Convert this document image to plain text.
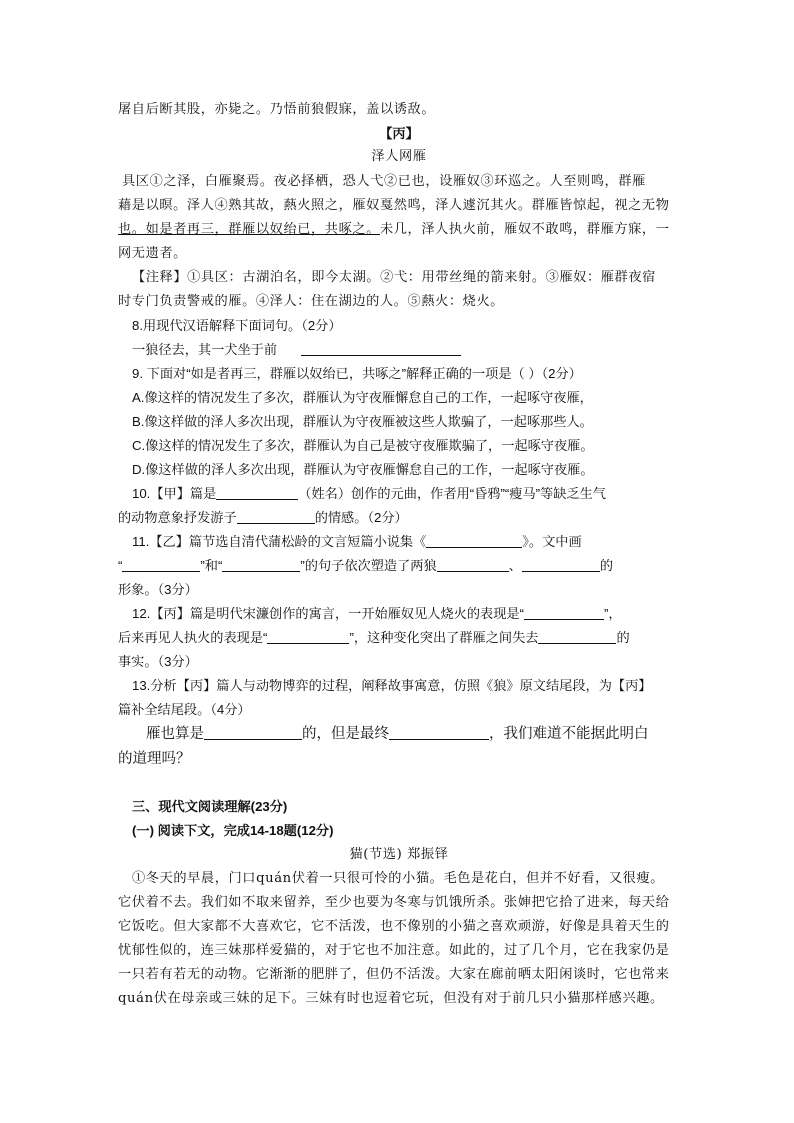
屠自后断其股，亦毙之。乃悟前狼假寐，盖以诱敌。
【丙】
泽人网雁
具区①之泽，白雁聚焉。夜必择栖，恐人弋②已也，设雁奴③环巡之。人至则鸣，群雁
藉是以暝。泽人④熟其故，爇火照之，雁奴戛然鸣，泽人遽沉其火。群雁皆惊起，视之无物
也。如是者再三，群雁以奴绐已，共啄之。未几，泽人执火前，雁奴不敢鸣，群雁方寐，一
网无遗者。
【注释】①具区：古湖泊名，即今太湖。②弋：用带丝绳的箭来射。③雁奴：雁群夜宿
时专门负责警戒的雁。④泽人：住在湖边的人。⑤爇火：烧火。
8.用现代汉语解释下面词句。（2分）
一狼径去，其一犬坐于前
9. 下面对“如是者再三，群雁以奴绐已，共啄之”解释正确的一项是（ ）（2分）
A.像这样的情况发生了多次，群雁认为守夜雁懈怠自己的工作，一起啄守夜雁，
B.像这样做的泽人多次出现，群雁认为守夜雁被这些人欺骗了，一起啄那些人。
C.像这样的情况发生了多次，群雁认为自己是被守夜雁欺骗了，一起啄守夜雁。
D.像这样做的泽人多次出现，群雁认为守夜雁懈怠自己的工作，一起啄守夜雁。
10.【甲】篇是	（姓名）创作的元曲，作者用“昏鸦”“瘦马”等缺乏生气
的动物意象抒发游子	的情感。（2分）
11.【乙】篇节选自清代蒲松龄的文言短篇小说集《	》。文中画
“	”和“	”的句子依次塑造了两狼	、	的
形象。（3分）
12.【丙】篇是明代宋濂创作的寓言，一开始雁奴见人烧火的表现是“	”，
后来再见人执火的表现是“	”，这种变化突出了群雁之间失去	的
事实。（3分）
13.分析【丙】篇人与动物博弈的过程，阐释故事寓意，仿照《狼》原文结尾段，为【丙】
篇补全结尾段。（4分）
雁也算是	的，但是最终	，我们难道不能据此明白
的道理吗？
三、现代文阅读理解(23分)
(一) 阅读下文，完成14-18题(12分)
猫(节选) 郑振铎
①冬天的早晨，门口quán伏着一只很可怜的小猫。毛色是花白，但并不好看，又很瘦。
它伏着不去。我们如不取来留养，至少也要为冬寒与饥饿所杀。张婶把它拾了进来，每天给
它饭吃。但大家都不大喜欢它，它不活泼，也不像别的小猫之喜欢顽游，好像是具着天生的
忧郁性似的，连三妹那样爱猫的，对于它也不加注意。如此的，过了几个月，它在我家仍是
一只若有若无的动物。它渐渐的肥胖了，但仍不活泼。大家在廊前晒太阳闲谈时，它也常来
quán伏在母亲或三妹的足下。三妹有时也逗着它玩，但没有对于前几只小猫那样感兴趣。
